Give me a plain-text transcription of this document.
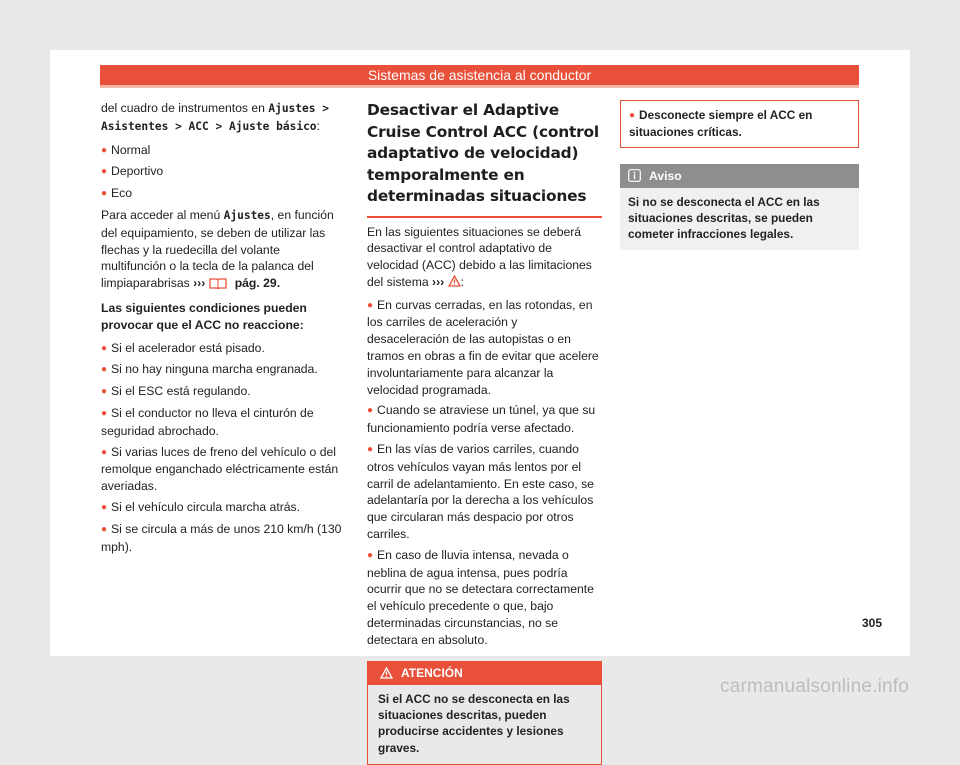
Sistemas de asistencia al conductor

del cuadro de instrumentos en Ajustes > Asistentes > ACC > Ajuste básico:

● Normal
● Deportivo
● Eco

Para acceder al menú Ajustes, en función del equipamiento, se deben de utilizar las flechas y la ruedecilla del volante multifunción o la tecla de la palanca del limpiaparabrisas ››› pág. 29.

Las siguientes condiciones pueden provocar que el ACC no reaccione:

● Si el acelerador está pisado.
● Si no hay ninguna marcha engranada.
● Si el ESC está regulando.
● Si el conductor no lleva el cinturón de seguridad abrochado.
● Si varias luces de freno del vehículo o del remolque enganchado eléctricamente están averiadas.
● Si el vehículo circula marcha atrás.
● Si se circula a más de unos 210 km/h (130 mph).
Desactivar el Adaptive Cruise Control ACC (control adaptativo de velocidad) temporalmente en determinadas situaciones

En las siguientes situaciones se deberá desactivar el control adaptativo de velocidad (ACC) debido a las limitaciones del sistema ››› :

● En curvas cerradas, en las rotondas, en los carriles de aceleración y desaceleración de las autopistas o en tramos en obras a fin de evitar que acelere involuntariamente para alcanzar la velocidad programada.
● Cuando se atraviese un túnel, ya que su funcionamiento podría verse afectado.
● En las vías de varios carriles, cuando otros vehículos vayan más lentos por el carril de adelantamiento. En este caso, se adelantaría por la derecha a los vehículos que circularan más despacio por otros carriles.
● En caso de lluvia intensa, nevada o neblina de agua intensa, pues podría ocurrir que no se detectara correctamente el vehículo precedente o que, bajo determinadas circunstancias, no se detectara en absoluto.
ATENCIÓN
Si el ACC no se desconecta en las situaciones descritas, pueden producirse accidentes y lesiones graves.
● Desconecte siempre el ACC en situaciones críticas.
Aviso
Si no se desconecta el ACC en las situaciones descritas, se pueden cometer infracciones legales.
305
carmanualsonline.info
